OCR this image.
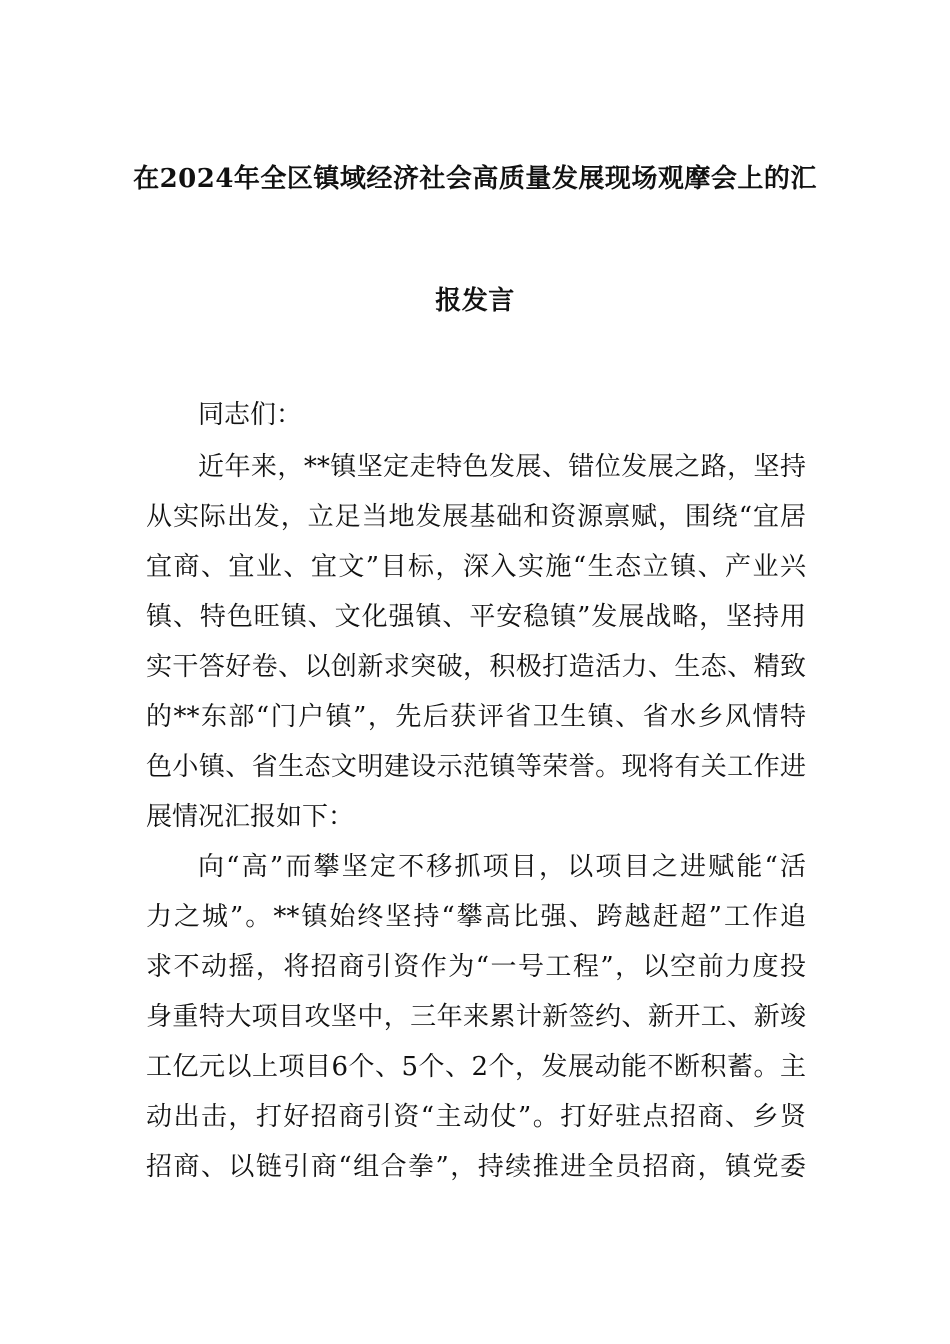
在2024年全区镇域经济社会高质量发展现场观摩会上的汇
报发言
同志们：
近年来，**镇坚定走特色发展、错位发展之路，坚持
从实际出发，立足当地发展基础和资源禀赋，围绕“宜居
宜商、宜业、宜文”目标，深入实施“生态立镇、产业兴
镇、特色旺镇、文化强镇、平安稳镇”发展战略，坚持用
实干答好卷、以创新求突破，积极打造活力、生态、精致
的**东部“门户镇”，先后获评省卫生镇、省水乡风情特
色小镇、省生态文明建设示范镇等荣誉。现将有关工作进
展情况汇报如下：
向“高”而攀坚定不移抓项目，以项目之进赋能“活
力之城”。**镇始终坚持“攀高比强、跨越赶超”工作追
求不动摇，将招商引资作为“一号工程”，以空前力度投
身重特大项目攻坚中，三年来累计新签约、新开工、新竣
工亿元以上项目6个、5个、2个，发展动能不断积蓄。主
动出击，打好招商引资“主动仗”。打好驻点招商、乡贤
招商、以链引商“组合拳”，持续推进全员招商，镇党委
